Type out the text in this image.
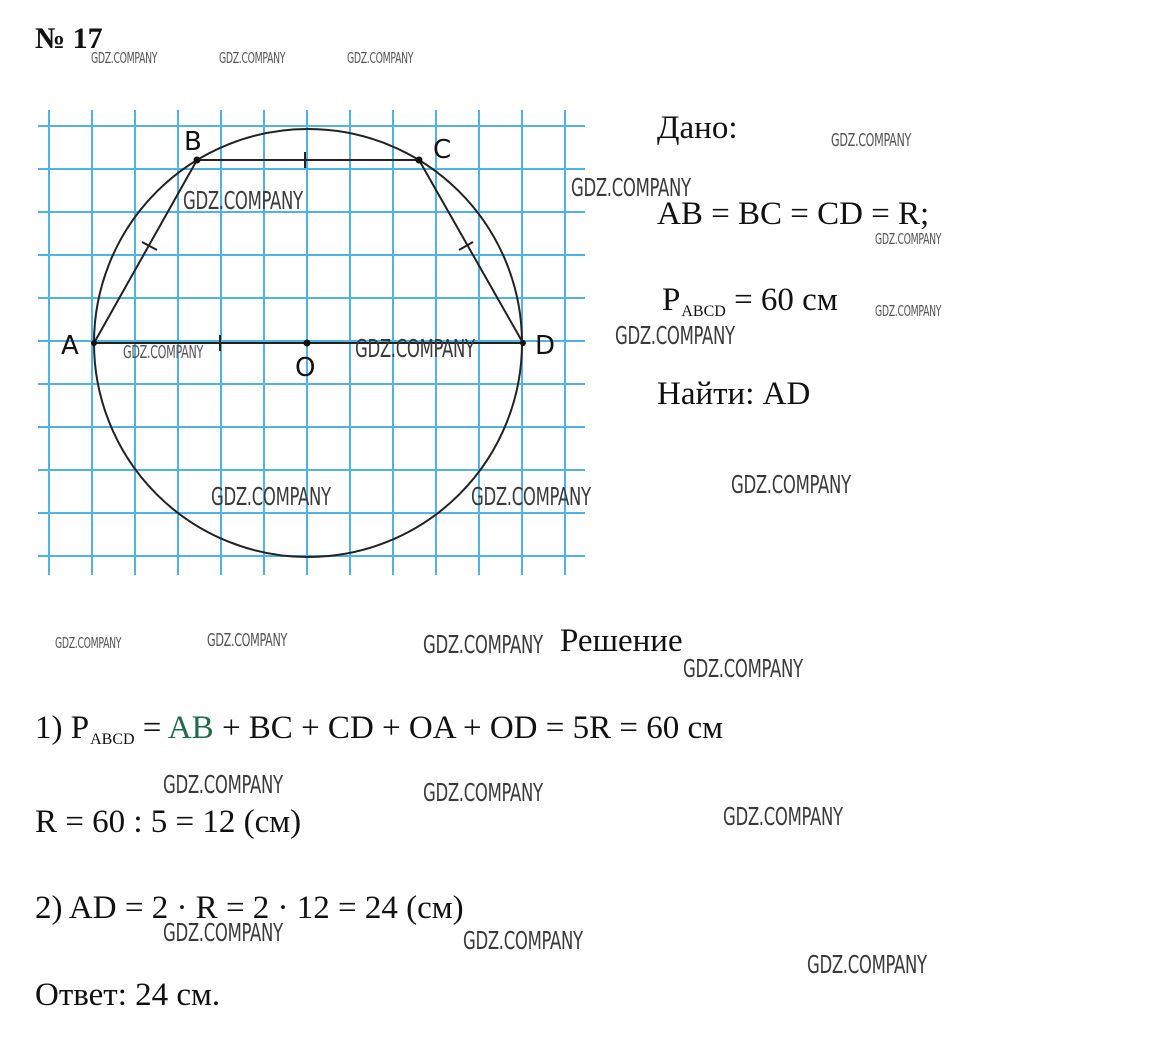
№ 17
A
B	C
D
O
Дано:
AB = BC = CD = R;
$P_{ABCD} = 60$ см
Найти: AD
Решение
1) $P_{ABCD}$ = AB + BC + CD + OA + OD = 5R = 60 см
R = 60 : 5 = 12 (см)
2) AD = 2 · R = 2 · 12 = 24 (см)
Ответ: 24 см.
GDZ.COMPANY	GDZ.COMPANY	GDZ.COMPANY
GDZ.COMPANY
GDZ.COMPANY
GDZ.COMPANY
GDZ.COMPANY
GDZ.COMPANY	GDZ.COMPANY
GDZ.COMPANY	GDZ.COMPANY
GDZ.COMPANY
GDZ.COMPANY
GDZ.COMPANY	GDZ.COMPANY	GDZ.COMPANY
GDZ.COMPANY
GDZ.COMPANY
GDZ.COMPANY	GDZ.COMPANY
GDZ.COMPANY
GDZ.COMPANY	GDZ.COMPANY
GDZ.COMPANY
